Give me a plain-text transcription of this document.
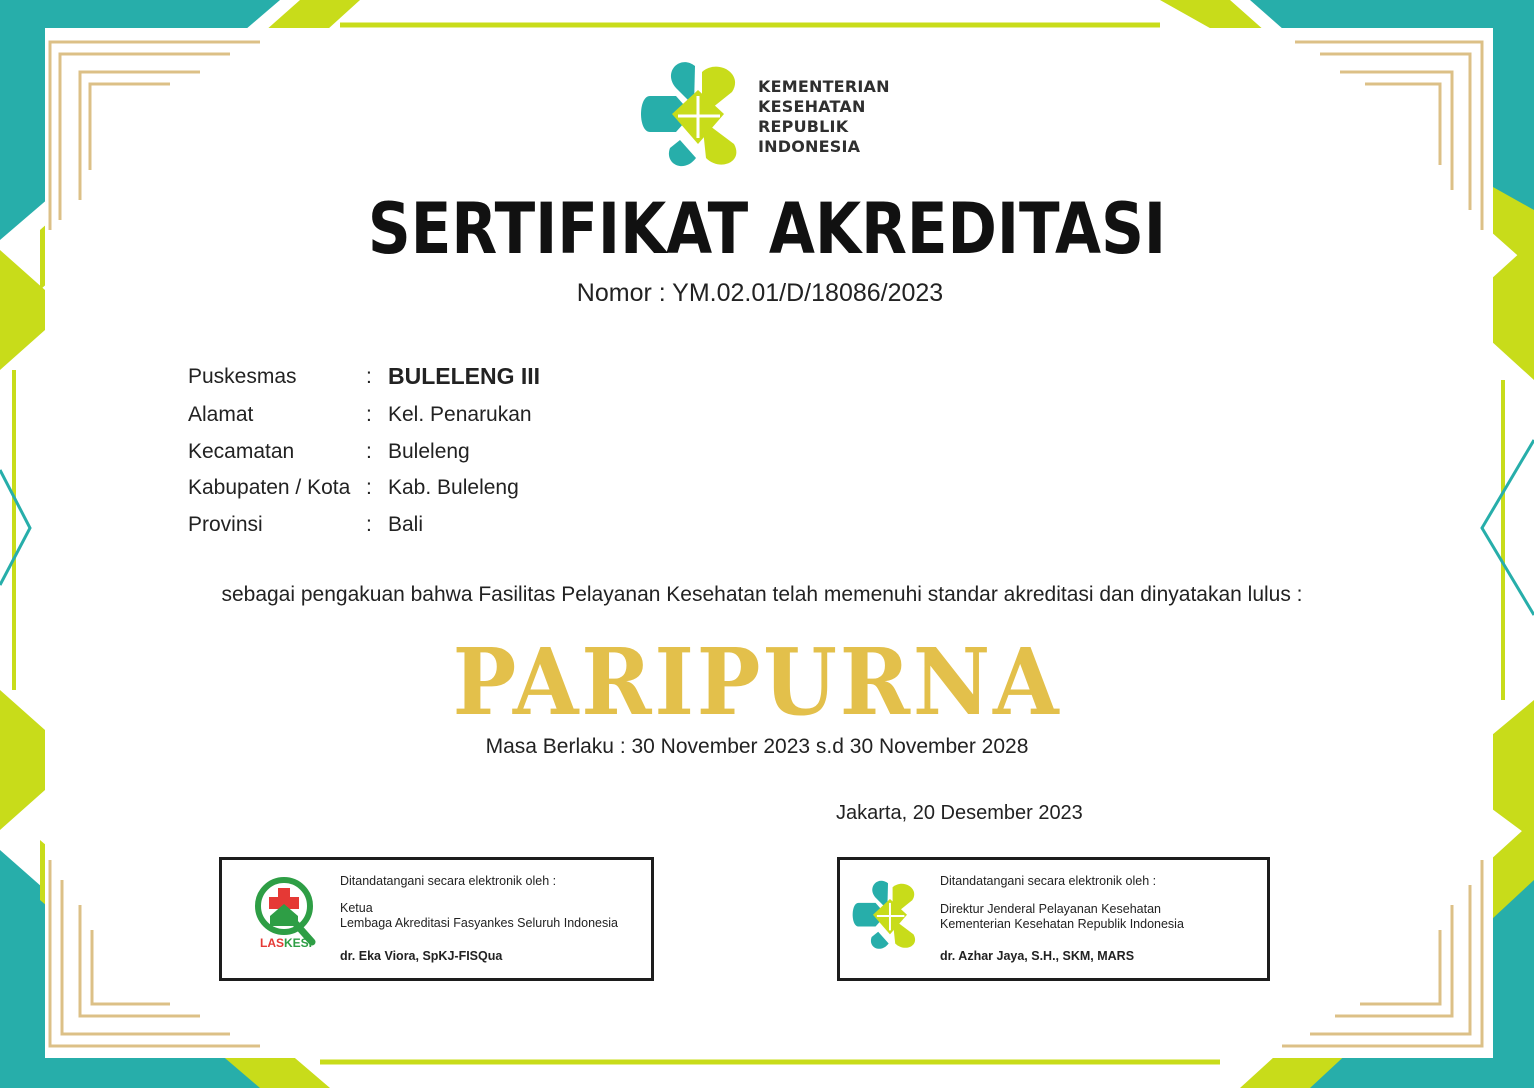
KEMENTERIAN
KESEHATAN
REPUBLIK
INDONESIA
SERTIFIKAT AKREDITASI
Nomor : YM.02.01/D/18086/2023
Puskesmas	: BULELENG III
Alamat	: Kel. Penarukan
Kecamatan	: Buleleng
Kabupaten / Kota : Kab. Buleleng
Provinsi	: Bali
sebagai pengakuan bahwa Fasilitas Pelayanan Kesehatan telah memenuhi standar akreditasi dan dinyatakan lulus :
PARIPURNA
Masa Berlaku : 30 November 2023 s.d 30 November 2028
Jakarta, 20 Desember 2023
LASKESI
Ditandatangani secara elektronik oleh :
Ketua
Lembaga Akreditasi Fasyankes Seluruh Indonesia
dr. Eka Viora, SpKJ-FISQua
Ditandatangani secara elektronik oleh :
Direktur Jenderal Pelayanan Kesehatan
Kementerian Kesehatan Republik Indonesia
dr. Azhar Jaya, S.H., SKM, MARS
